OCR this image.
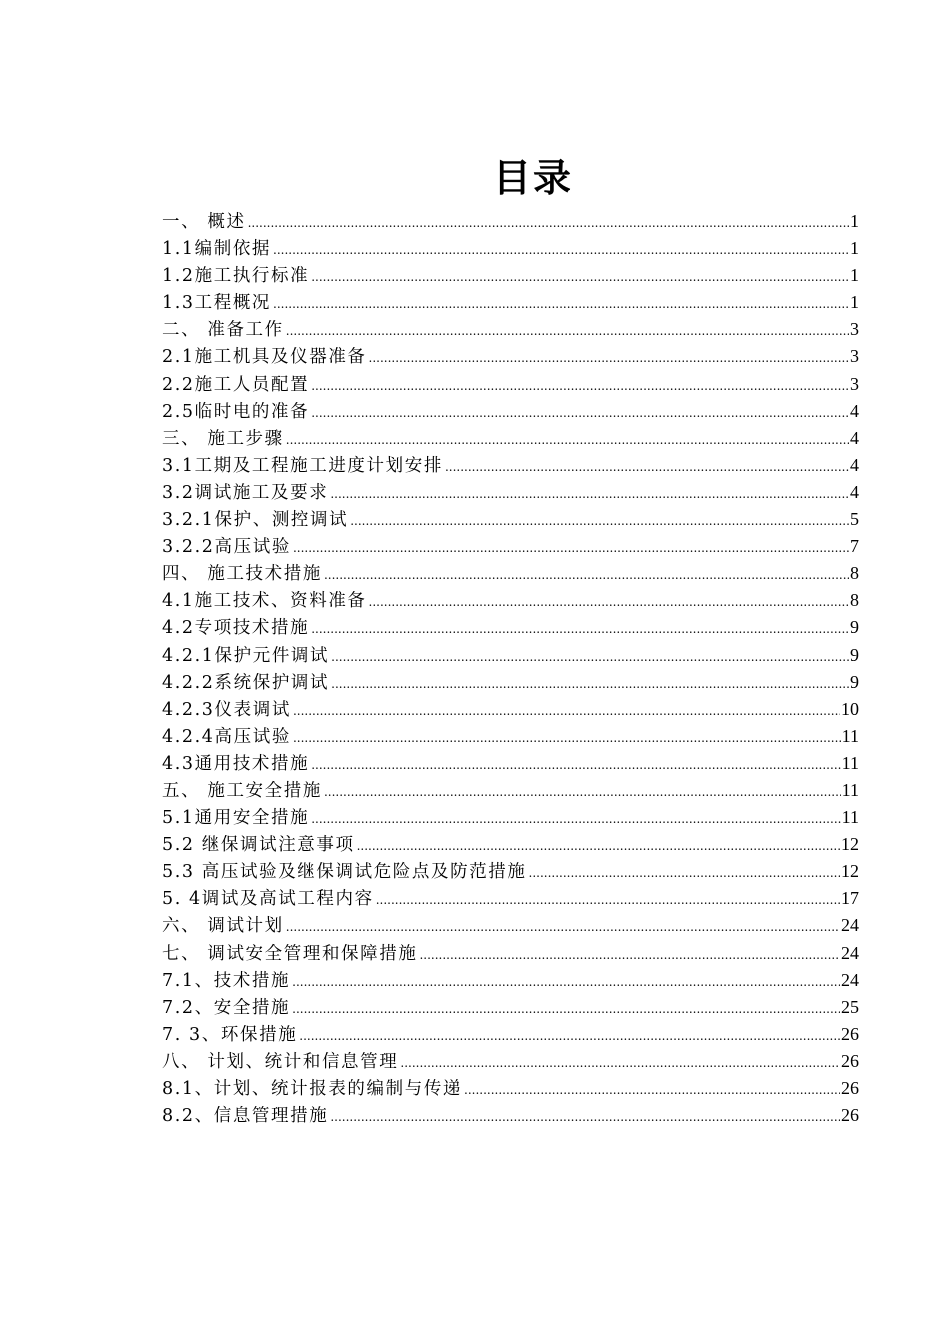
目录
一、 概述 .....	1
1.1编制依据 .....	1
1.2施工执行标准 .....	1
1.3工程概况 .....	1
二、 准备工作 .....	3
2.1施工机具及仪器准备 .....	3
2.2施工人员配置 .....	3
2.5临时电的准备 .....	4
三、 施工步骤 .....	4
3.1工期及工程施工进度计划安排 .....	4
3.2调试施工及要求 .....	4
3.2.1保护、测控调试 .....	5
3.2.2高压试验 .....	7
四、 施工技术措施 .....	8
4.1施工技术、资料准备 .....	8
4.2专项技术措施 .....	9
4.2.1保护元件调试 .....	9
4.2.2系统保护调试 .....	9
4.2.3仪表调试 .....	10
4.2.4高压试验 .....	11
4.3通用技术措施 .....	11
五、 施工安全措施 .....	11
5.1通用安全措施 .....	11
5.2 继保调试注意事项 .....	12
5.3 高压试验及继保调试危险点及防范措施 .....	12
5. 4调试及高试工程内容 .....	17
六、 调试计划 .....	24
七、 调试安全管理和保障措施 .....	24
7.1、技术措施 .....	24
7.2、安全措施 .....	25
7. 3、环保措施 .....	26
八、 计划、统计和信息管理 .....	26
8.1、计划、统计报表的编制与传递 .....	26
8.2、信息管理措施 .....	26
